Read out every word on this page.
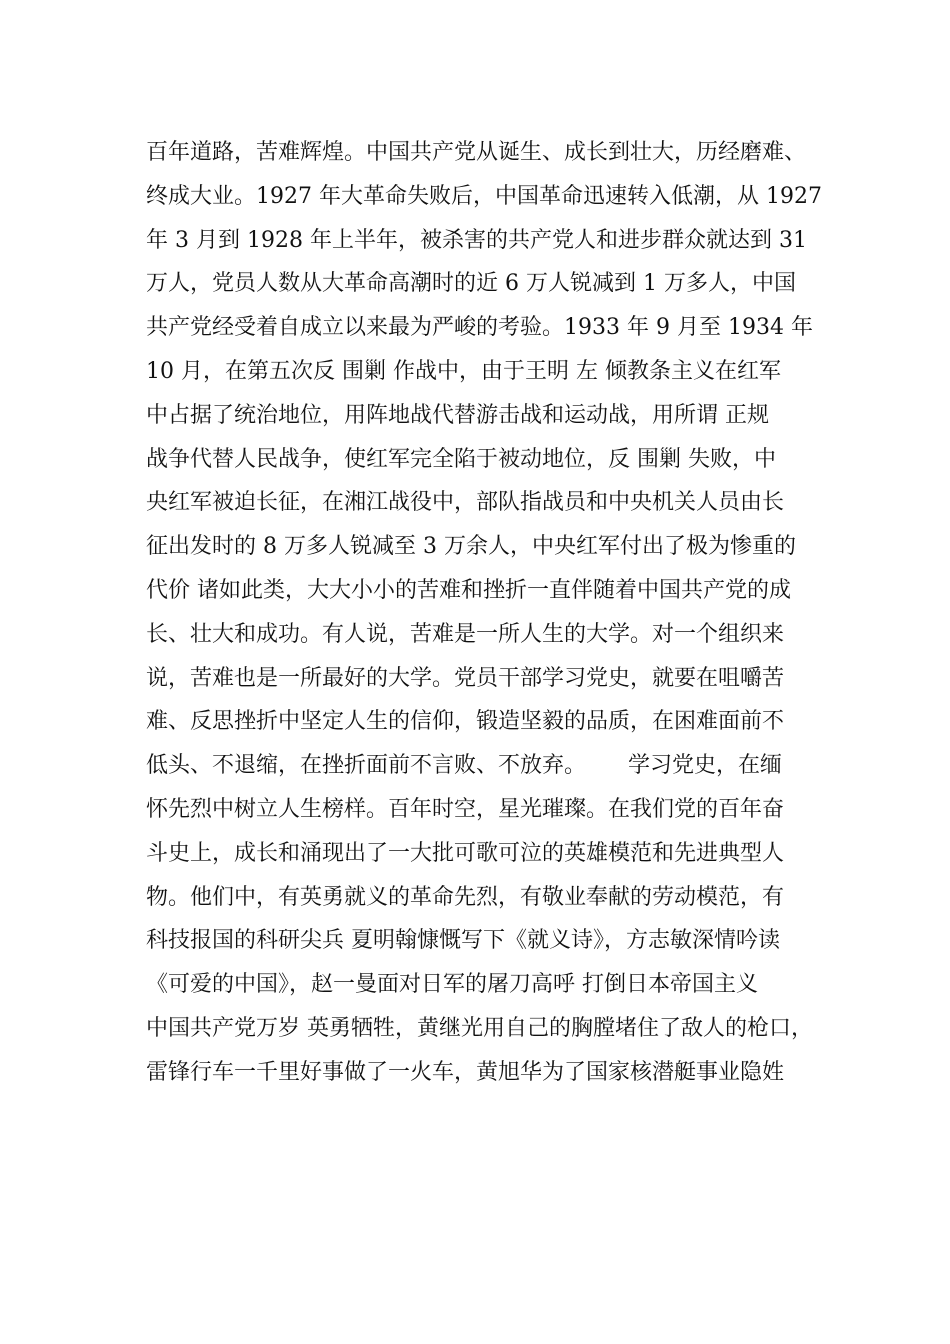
百年道路，苦难辉煌。中国共产党从诞生、成长到壮大，历经磨难、
终成大业。1927 年大革命失败后，中国革命迅速转入低潮，从 1927
年 3 月到 1928 年上半年，被杀害的共产党人和进步群众就达到 31
万人，党员人数从大革命高潮时的近 6 万人锐减到 1 万多人，中国
共产党经受着自成立以来最为严峻的考验。1933 年 9 月至 1934 年
10 月，在第五次反 围剿 作战中，由于王明 左 倾教条主义在红军
中占据了统治地位，用阵地战代替游击战和运动战，用所谓 正规
战争代替人民战争，使红军完全陷于被动地位，反 围剿 失败，中
央红军被迫长征，在湘江战役中，部队指战员和中央机关人员由长
征出发时的 8 万多人锐减至 3 万余人，中央红军付出了极为惨重的
代价 诸如此类，大大小小的苦难和挫折一直伴随着中国共产党的成
长、壮大和成功。有人说，苦难是一所人生的大学。对一个组织来
说，苦难也是一所最好的大学。党员干部学习党史，就要在咀嚼苦
难、反思挫折中坚定人生的信仰，锻造坚毅的品质，在困难面前不
低头、不退缩，在挫折面前不言败、不放弃。      学习党史，在缅
怀先烈中树立人生榜样。百年时空，星光璀璨。在我们党的百年奋
斗史上，成长和涌现出了一大批可歌可泣的英雄模范和先进典型人
物。他们中，有英勇就义的革命先烈，有敬业奉献的劳动模范，有
科技报国的科研尖兵 夏明翰慷慨写下《就义诗》，方志敏深情吟读
《可爱的中国》，赵一曼面对日军的屠刀高呼 打倒日本帝国主义
中国共产党万岁 英勇牺牲，黄继光用自己的胸膛堵住了敌人的枪口，
雷锋行车一千里好事做了一火车，黄旭华为了国家核潜艇事业隐姓
